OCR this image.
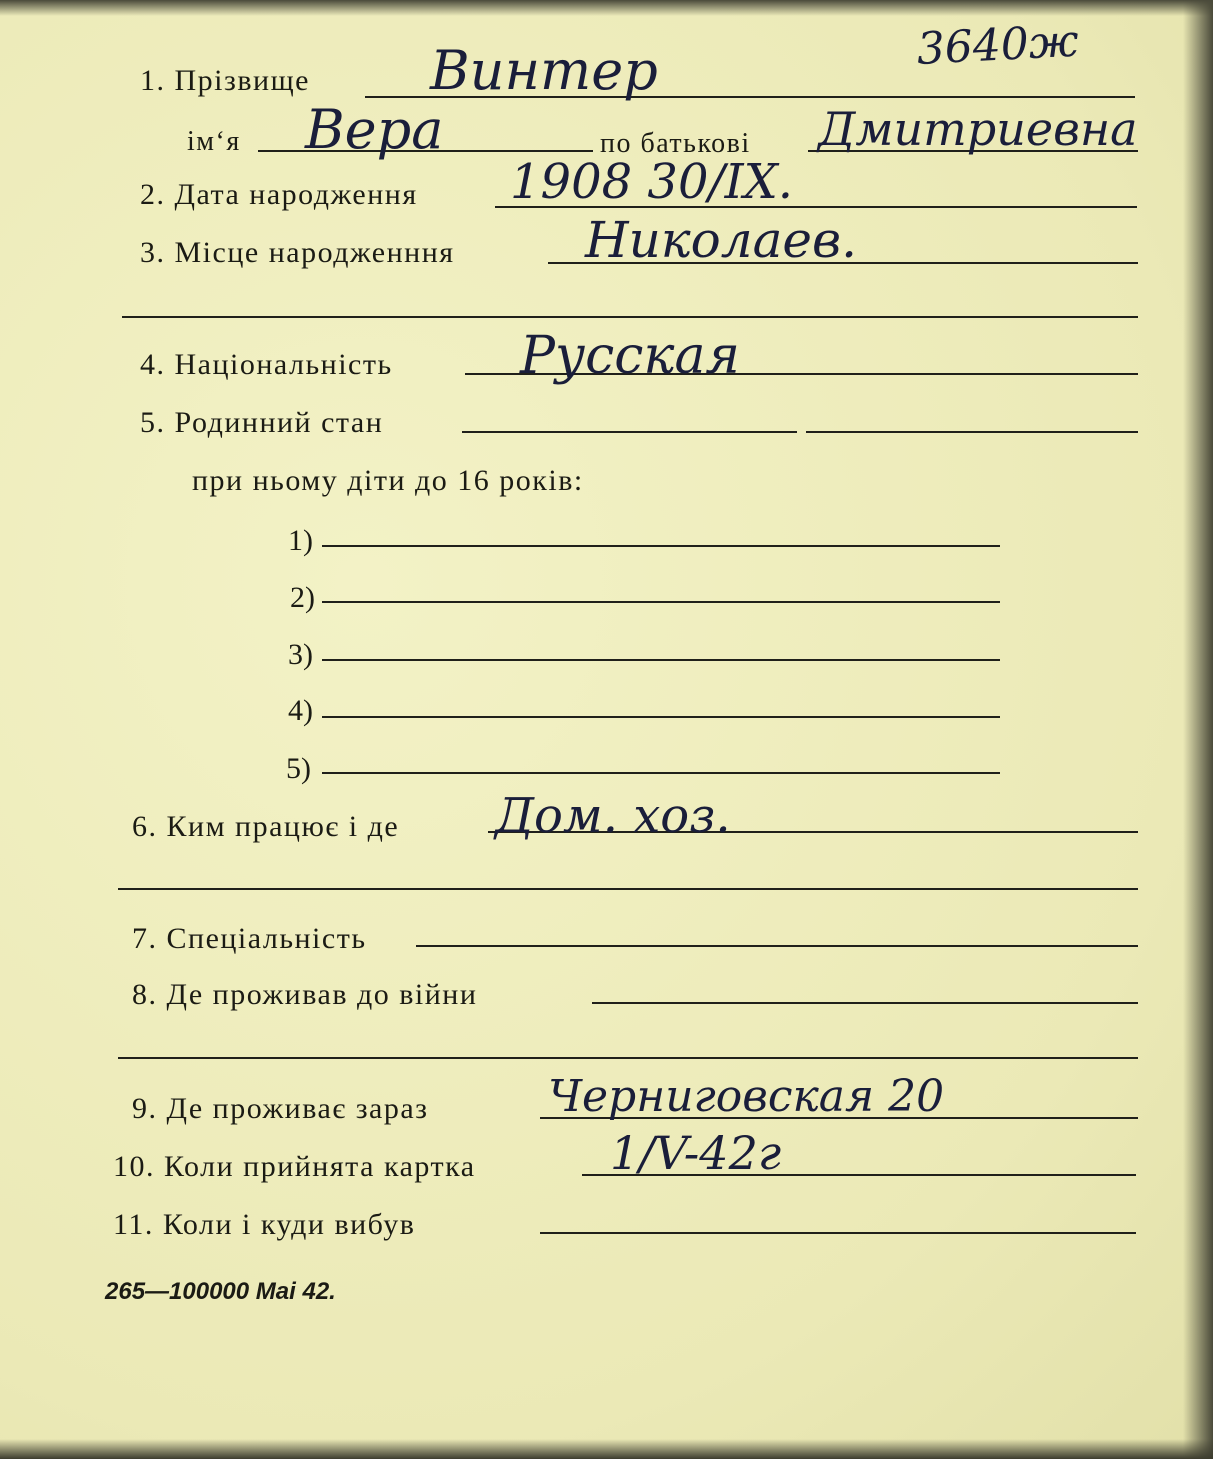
3640ж
1. Прізвище Винтер
ім‘я Вера	по батькові Дмитриевна
2. Дата народження 1908 30/IX.
3. Місце народженння	Николаев.
4. Національність Русская
5. Родинний стан
при ньому діти до 16 років:
1)
2)
3)
4)
5)
6. Ким працює і де Дом. хоз.
7. Спеціальність
8. Де проживав до війни
9. Де проживає зараз	Черниговская 20
10. Коли прийнята картка	1/V-42г
11. Коли і куди вибув
265—100000 Mai 42.
